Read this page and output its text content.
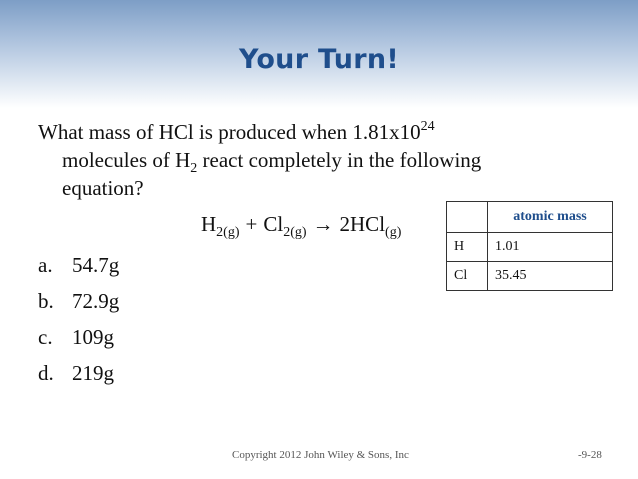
Your Turn!
What mass of HCl is produced when $1.81x10^{24}$
molecules of $H_2$ react completely in the following
equation?
$H_{2(g)} + Cl_{2(g)} \to 2HCl_{(g)}$
a. 54.7g
b. 72.9g
c. 109g
d. 219g
	atomic mass
H	1.01
Cl	35.45
Copyright 2012 John Wiley & Sons, Inc	-9-28
